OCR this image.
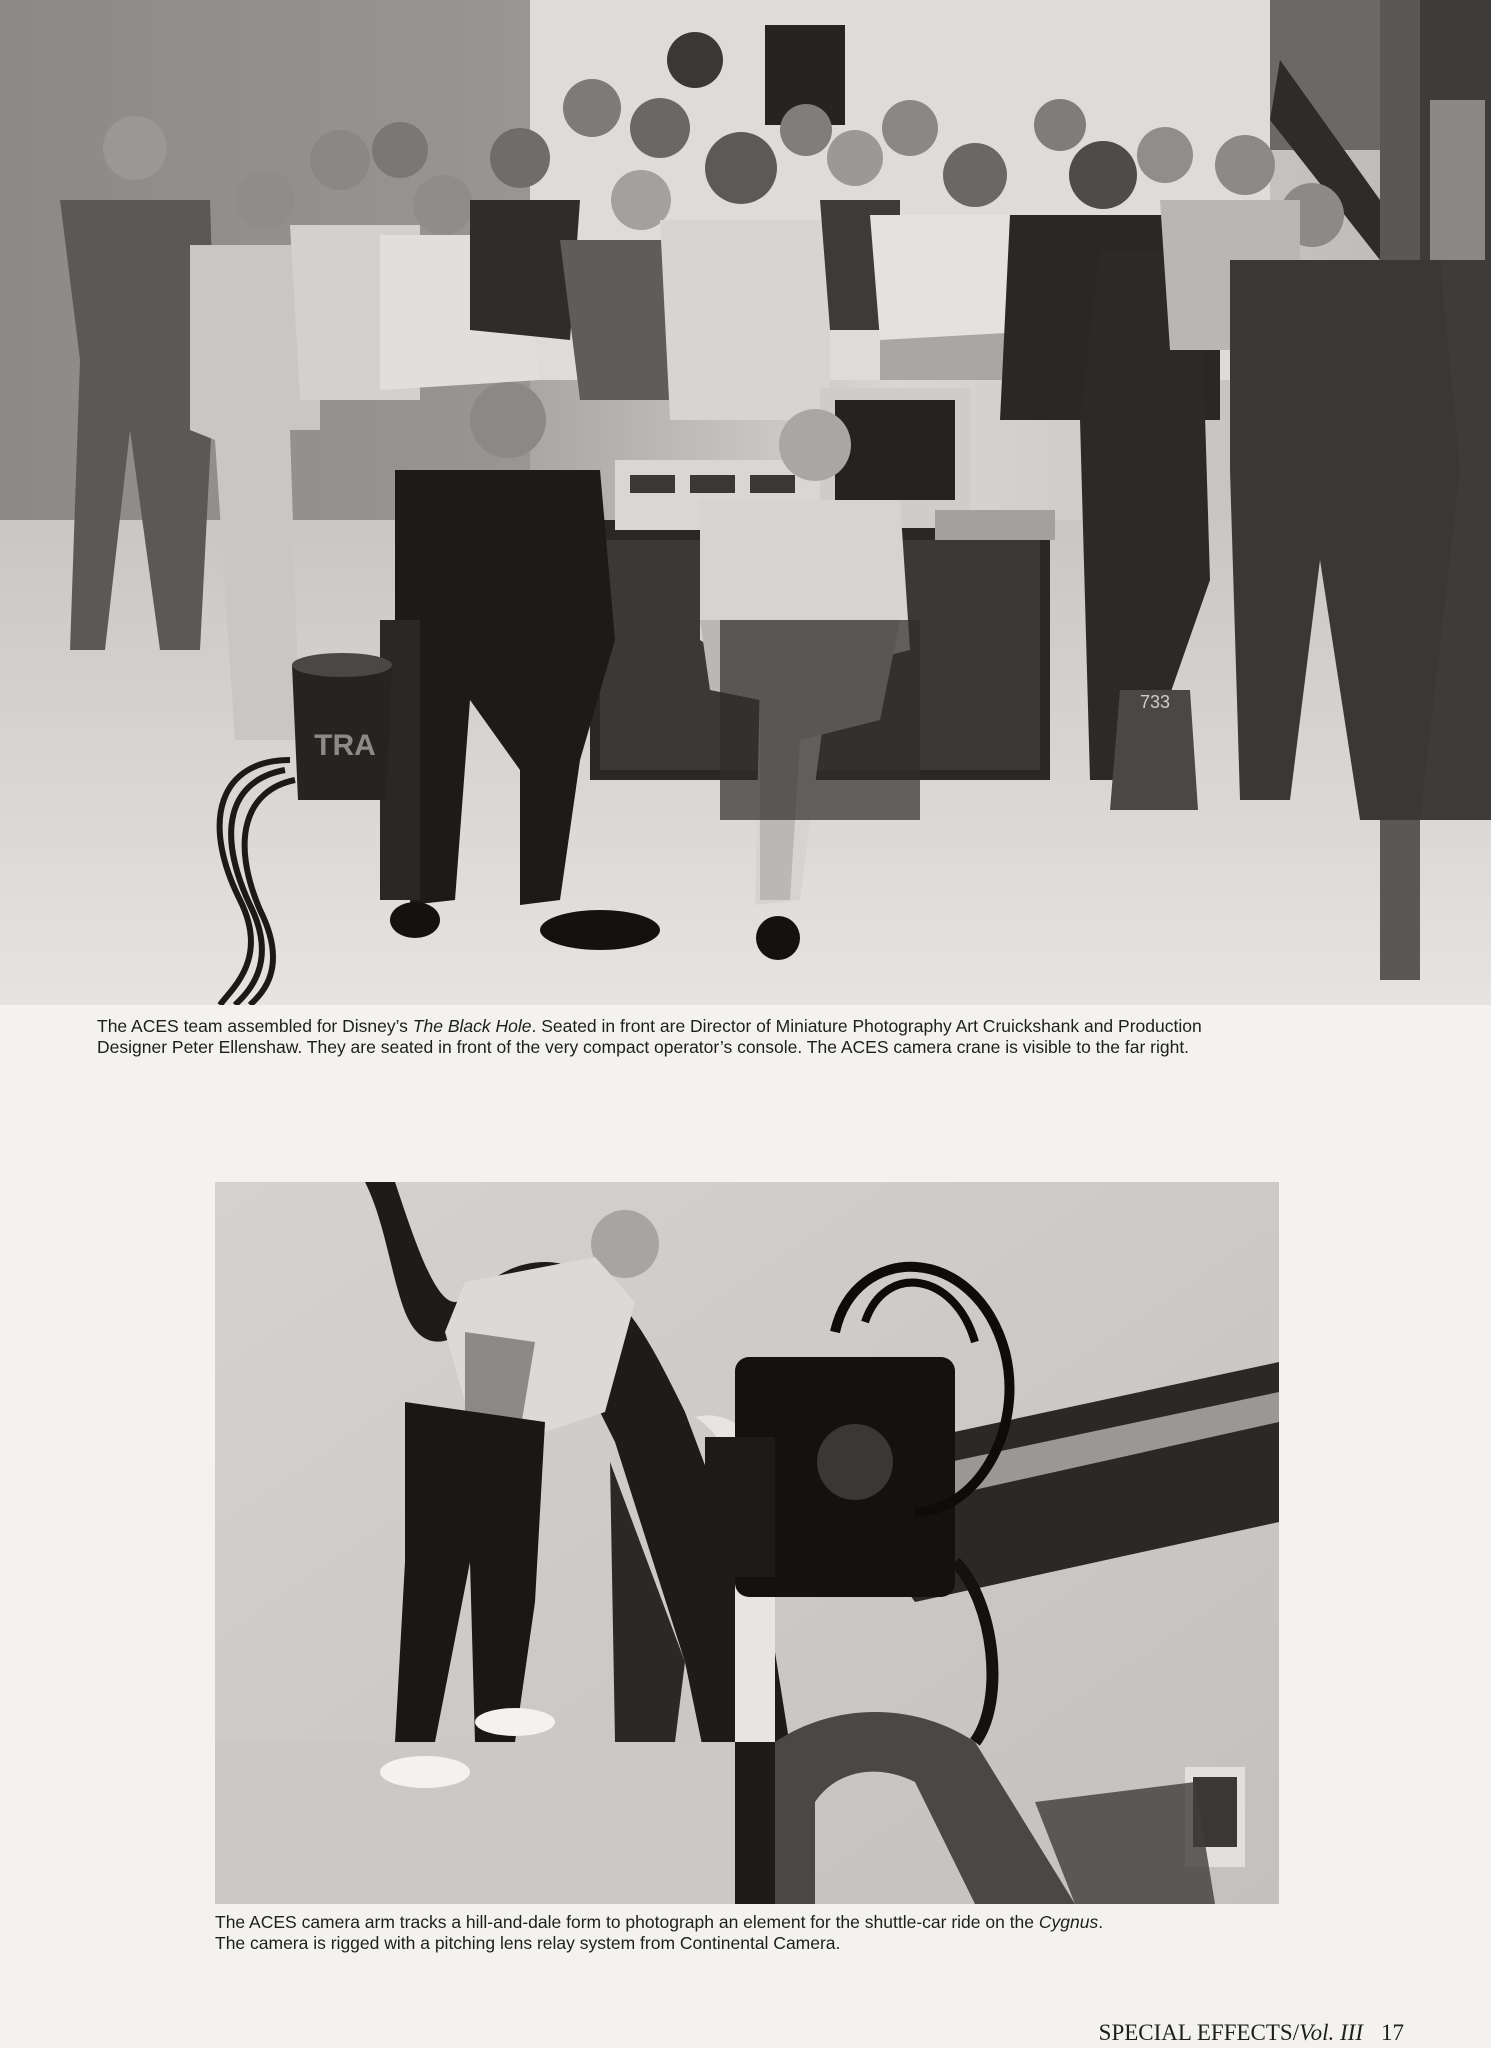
TRA
733
The ACES team assembled for Disney’s The Black Hole. Seated in front are Director of Miniature Photography Art Cruickshank and Production
Designer Peter Ellenshaw. They are seated in front of the very compact operator’s console. The ACES camera crane is visible to the far right.
The ACES camera arm tracks a hill-and-dale form to photograph an element for the shuttle-car ride on the Cygnus.
The camera is rigged with a pitching lens relay system from Continental Camera.
SPECIAL EFFECTS/Vol. III 17
